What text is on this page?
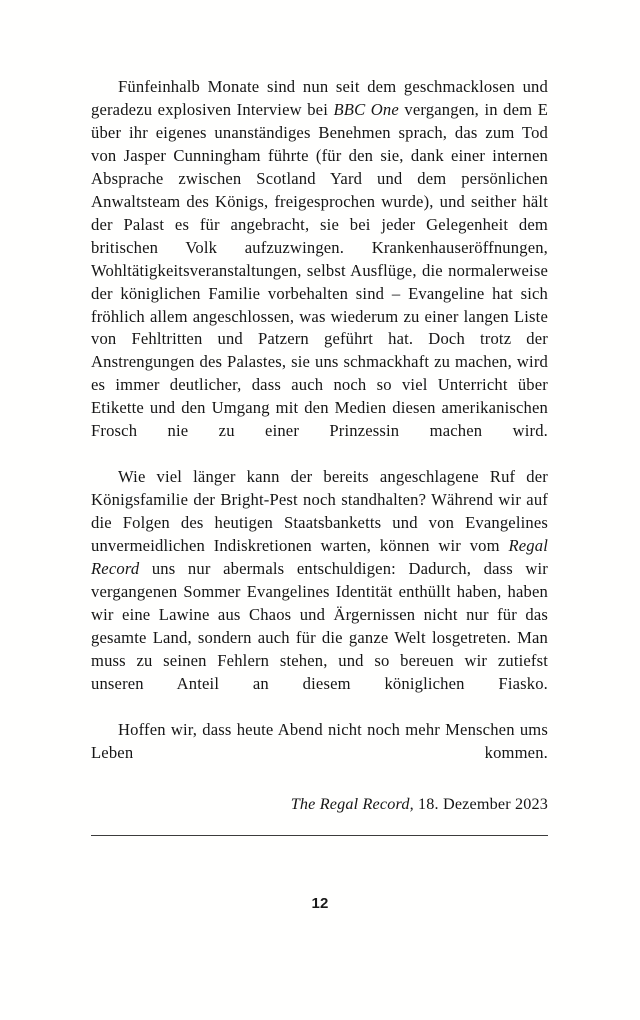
Fünfeinhalb Monate sind nun seit dem geschmacklosen und geradezu explosiven Interview bei BBC One vergangen, in dem E über ihr eigenes unanständiges Benehmen sprach, das zum Tod von Jasper Cunningham führte (für den sie, dank einer internen Absprache zwischen Scotland Yard und dem persönlichen Anwaltsteam des Königs, freigesprochen wurde), und seither hält der Palast es für angebracht, sie bei jeder Gelegenheit dem britischen Volk aufzuzwingen. Krankenhauseröffnungen, Wohltätigkeitsveranstaltungen, selbst Ausflüge, die normalerweise der königlichen Familie vorbehalten sind – Evangeline hat sich fröhlich allem angeschlossen, was wiederum zu einer langen Liste von Fehltritten und Patzern geführt hat. Doch trotz der Anstrengungen des Palastes, sie uns schmackhaft zu machen, wird es immer deutlicher, dass auch noch so viel Unterricht über Etikette und den Umgang mit den Medien diesen amerikanischen Frosch nie zu einer Prinzessin machen wird.

Wie viel länger kann der bereits angeschlagene Ruf der Königsfamilie der Bright-Pest noch standhalten? Während wir auf die Folgen des heutigen Staatsbanketts und von Evangelines unvermeidlichen Indiskretionen warten, können wir vom Regal Record uns nur abermals entschuldigen: Dadurch, dass wir vergangenen Sommer Evangelines Identität enthüllt haben, haben wir eine Lawine aus Chaos und Ärgernissen nicht nur für das gesamte Land, sondern auch für die ganze Welt losgetreten. Man muss zu seinen Fehlern stehen, und so bereuen wir zutiefst unseren Anteil an diesem königlichen Fiasko.

Hoffen wir, dass heute Abend nicht noch mehr Menschen ums Leben kommen.

The Regal Record, 18. Dezember 2023
12
